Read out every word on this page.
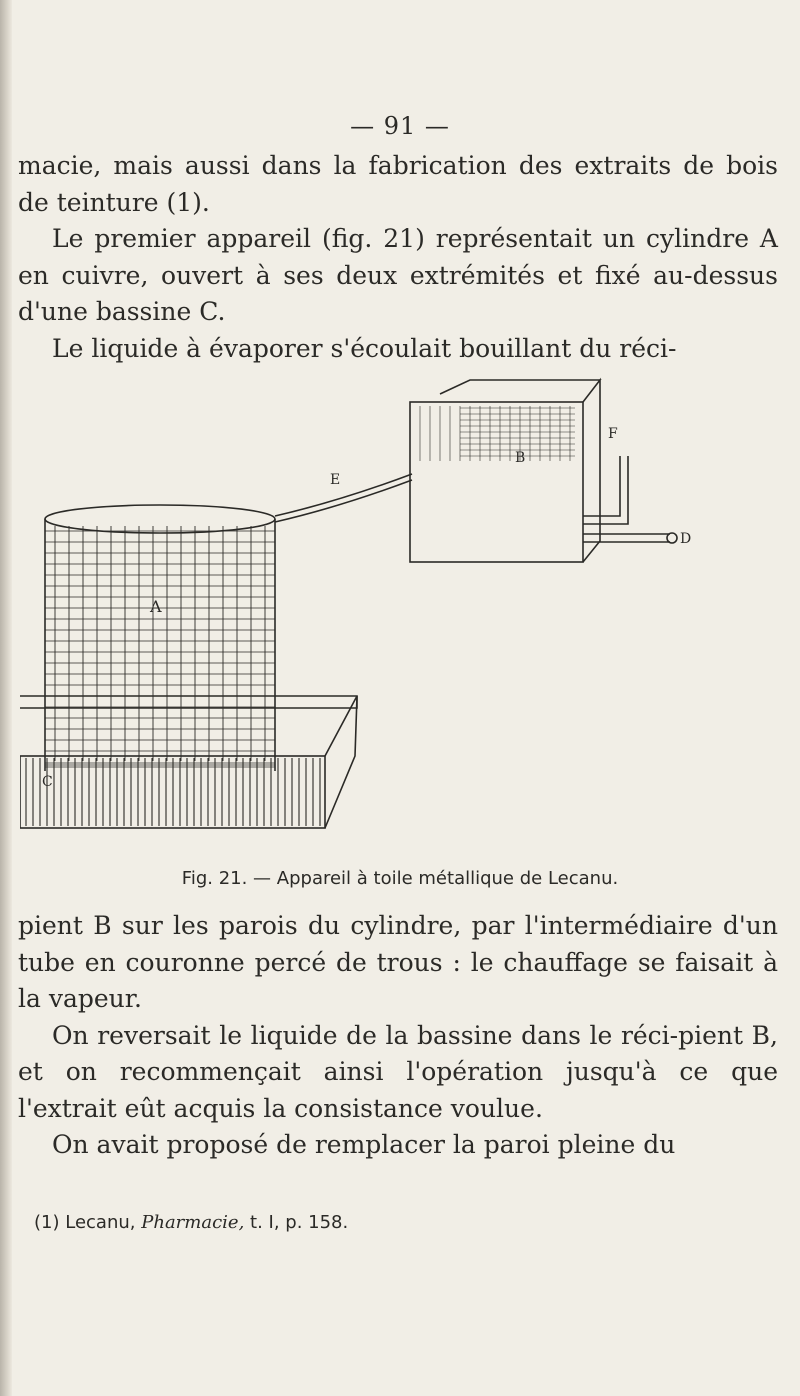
— 91 —

macie, mais aussi dans la fabrication des extraits de bois de teinture (1).

Le premier appareil (fig. 21) représentait un cylindre A en cuivre, ouvert à ses deux extrémités et fixé au-dessus d'une bassine C.

Le liquide à évaporer s'écoulait bouillant du réci-

A
B
C
D
E
F
Fig. 21. — Appareil à toile métallique de Lecanu.

pient B sur les parois du cylindre, par l'intermédiaire d'un tube en couronne percé de trous : le chauffage se faisait à la vapeur.

On reversait le liquide de la bassine dans le réci-pient B, et on recommençait ainsi l'opération jusqu'à ce que l'extrait eût acquis la consistance voulue.

On avait proposé de remplacer la paroi pleine du

(1) Lecanu, Pharmacie, t. I, p. 158.
